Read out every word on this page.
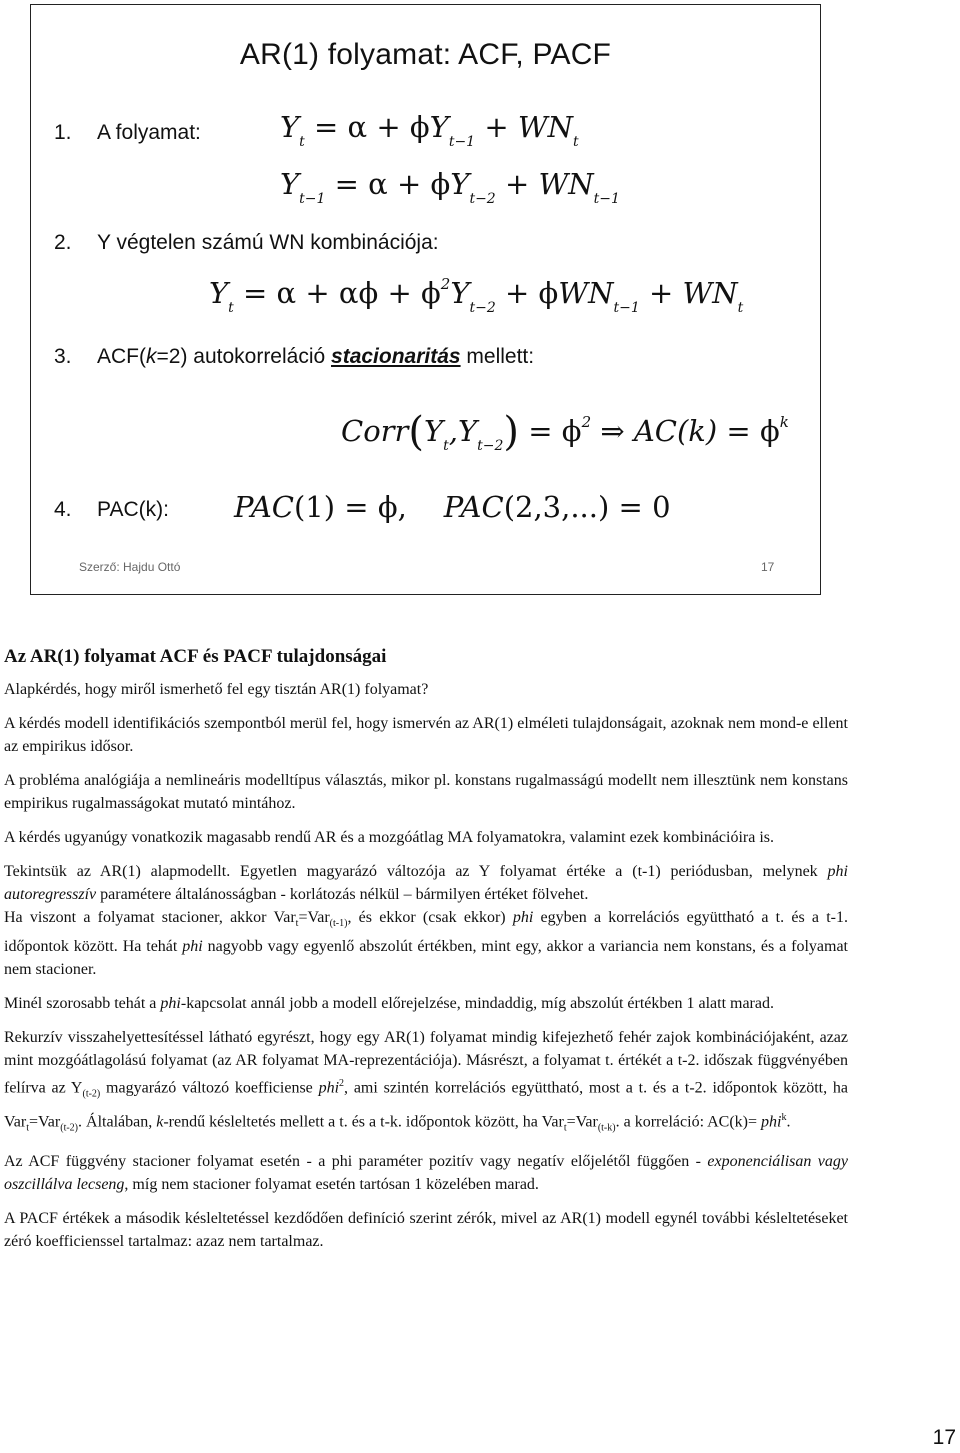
AR(1) folyamat: ACF, PACF
1. A folyamat:	$Y_t = \alpha + \phi Y_{t-1} + WN_t$
$Y_{t-1} = \alpha + \phi Y_{t-2} + WN_{t-1}$
2. Y végtelen számú WN kombinációja:
$Y_t = \alpha + \alpha\phi + \phi^2Y_{t-2} + \phi WN_{t-1} + WN_t$
3. ACF(k=2) autokorreláció stacionaritás mellett:
$Corr(Y_t,Y_{t-2}) = \phi^2$ ⇒ $AC(k) = \phi^k$
4. PAC(k): PAC(1) = ϕ,    PAC(2,3,...) = 0
Szerző: Hajdu Ottó	17
Az AR(1) folyamat ACF és PACF tulajdonságai

Alapkérdés, hogy miről ismerhető fel egy tisztán AR(1) folyamat?

A kérdés modell identifikációs szempontból merül fel, hogy ismervén az AR(1) elméleti tulajdonságait, azoknak nem mond-e ellent az empirikus idősor.

A probléma analógiája a nemlineáris modelltípus választás, mikor pl. konstans rugalmasságú modellt nem illesztünk nem konstans empirikus rugalmasságokat mutató mintához.

A kérdés ugyanúgy vonatkozik magasabb rendű AR és a mozgóátlag MA folyamatokra, valamint ezek kombinációira is.

Tekintsük az AR(1) alapmodellt. Egyetlen magyarázó változója az Y folyamat értéke a (t-1) periódusban, melynek phi autoregresszív paramétere általánosságban - korlátozás nélkül – bármilyen értéket fölvehet.

Ha viszont a folyamat stacioner, akkor Var$_t$=Var$_{(t-1)}$, és ekkor (csak ekkor) phi egyben a korrelációs együttható a t. és a t-1. időpontok között. Ha tehát phi nagyobb vagy egyenlő abszolút értékben, mint egy, akkor a variancia nem konstans, és a folyamat nem stacioner.

Minél szorosabb tehát a phi-kapcsolat annál jobb a modell előrejelzése, mindaddig, míg abszolút értékben 1 alatt marad.

Rekurzív visszahelyettesítéssel látható egyrészt, hogy egy AR(1) folyamat mindig kifejezhető fehér zajok kombinációjaként, azaz mint mozgóátlagolású folyamat (az AR folyamat MA-reprezentációja). Másrészt, a folyamat t. értékét a t-2. időszak függvényében felírva az $Y_{(t-2)}$ magyarázó változó koefficiense phi$^2$, ami szintén korrelációs együttható, most a t. és a t-2. időpontok között, ha Var$_t$=Var$_{(t-2)}$. Általában, k-rendű késleltetés mellett a t. és a t-k. időpontok között, ha Var$_t$=Var$_{(t-k)}$. a korreláció: AC(k)= phi$^k$.

Az ACF függvény stacioner folyamat esetén - a phi paraméter pozitív vagy negatív előjelétől függően - exponenciálisan vagy oszcillálva lecseng, míg nem stacioner folyamat esetén tartósan 1 közelében marad.

A PACF értékek a második késleltetéssel kezdődően definíció szerint zérók, mivel az AR(1) modell egynél további késleltetéseket zéró koefficienssel tartalmaz: azaz nem tartalmaz.

17
